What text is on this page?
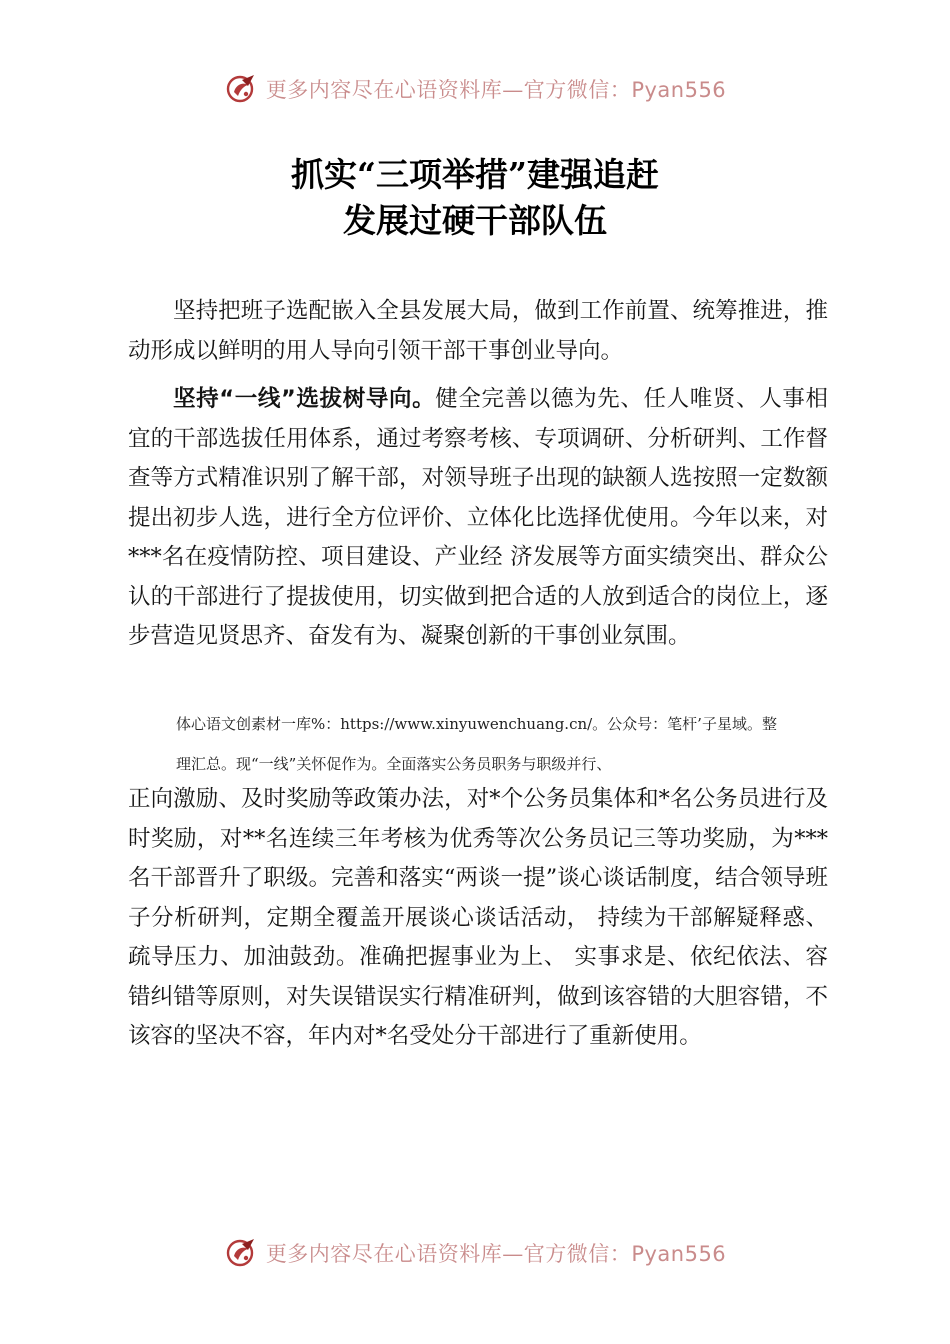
更多内容尽在心语资料库—官方微信：Pyan556
抓实“三项举措”建强追赶
发展过硬干部队伍

坚持把班子选配嵌入全县发展大局，做到工作前置、统筹推进，推动形成以鲜明的用人导向引领干部干事创业导向。

坚持“一线”选拔树导向。健全完善以德为先、任人唯贤、人事相宜的干部选拔任用体系，通过考察考核、专项调研、分析研判、工作督查等方式精准识别了解干部，对领导班子出现的缺额人选按照一定数额提出初步人选，进行全方位评价、立体化比选择优使用。今年以来，对***名在疫情防控、项目建设、产业经 济发展等方面实绩突出、群众公认的干部进行了提拔使用，切实做到把合适的人放到适合的岗位上，逐步营造见贤思齐、奋发有为、凝聚创新的干事创业氛围。

体心语文创素材一库%：https://www.xinyuwenchuang.cn/。公众号：笔杆’子星域。整

理汇总。现“一线”关怀促作为。全面落实公务员职务与职级并行、

正向激励、及时奖励等政策办法，对*个公务员集体和*名公务员进行及时奖励，对**名连续三年考核为优秀等次公务员记三等功奖励，为***名干部晋升了职级。完善和落实“两谈一提”谈心谈话制度，结合领导班子分析研判，定期全覆盖开展谈心谈话活动， 持续为干部解疑释惑、疏导压力、加油鼓劲。准确把握事业为上、 实事求是、依纪依法、容错纠错等原则，对失误错误实行精准研判，做到该容错的大胆容错，不该容的坚决不容，年内对*名受处分干部进行了重新使用。

更多内容尽在心语资料库—官方微信：Pyan556
